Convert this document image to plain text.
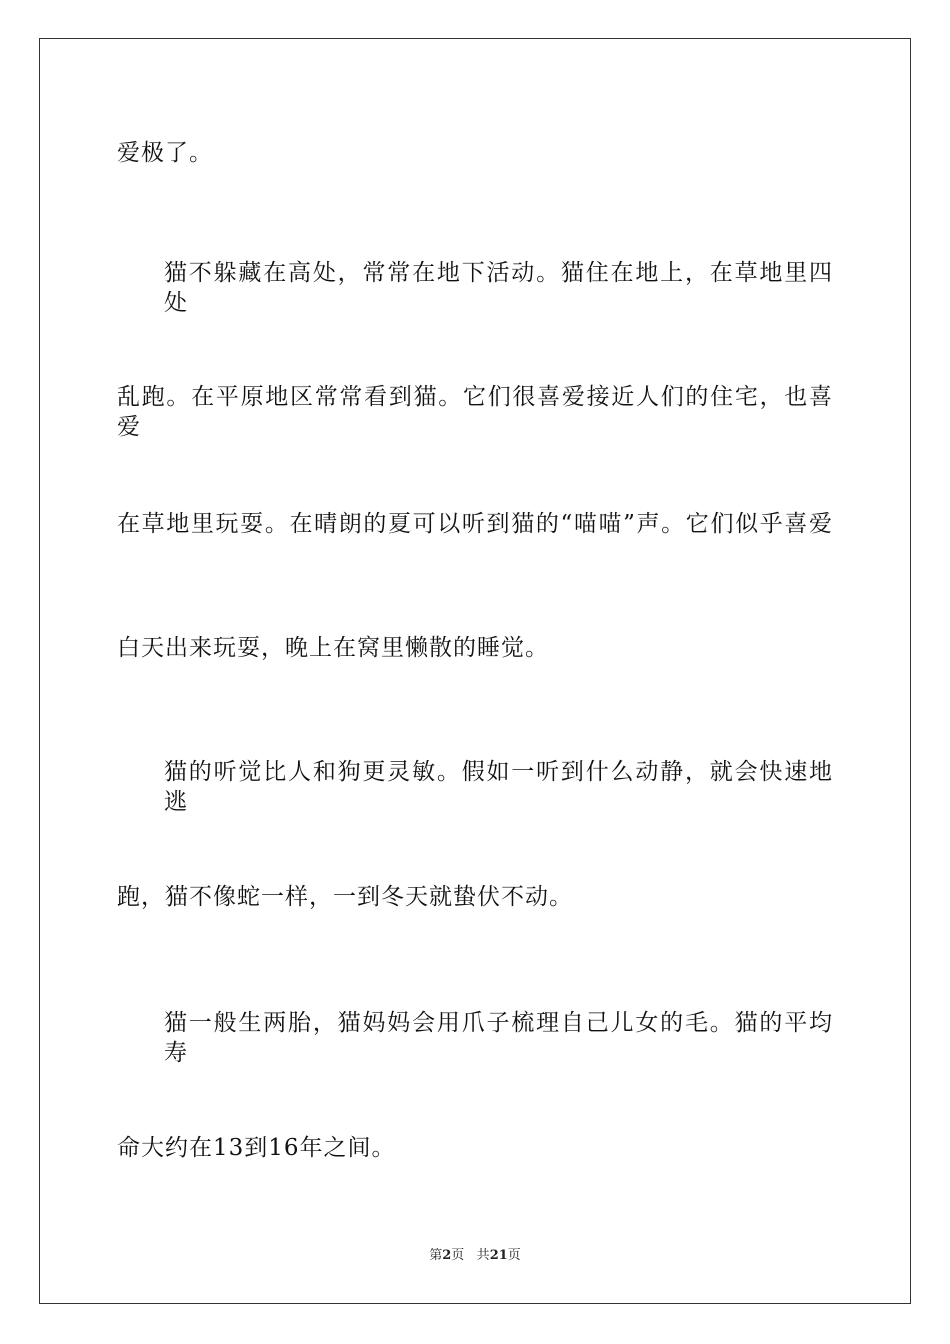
爱极了。
猫不躲藏在高处，常常在地下活动。猫住在地上，在草地里四处
乱跑。在平原地区常常看到猫。它们很喜爱接近人们的住宅，也喜爱
在草地里玩耍。在晴朗的夏可以听到猫的“喵喵”声。它们似乎喜爱
白天出来玩耍，晚上在窝里懒散的睡觉。
猫的听觉比人和狗更灵敏。假如一听到什么动静，就会快速地逃
跑，猫不像蛇一样，一到冬天就蛰伏不动。
猫一般生两胎，猫妈妈会用爪子梳理自己儿女的毛。猫的平均寿
命大约在13到16年之间。
第2页 共21页
